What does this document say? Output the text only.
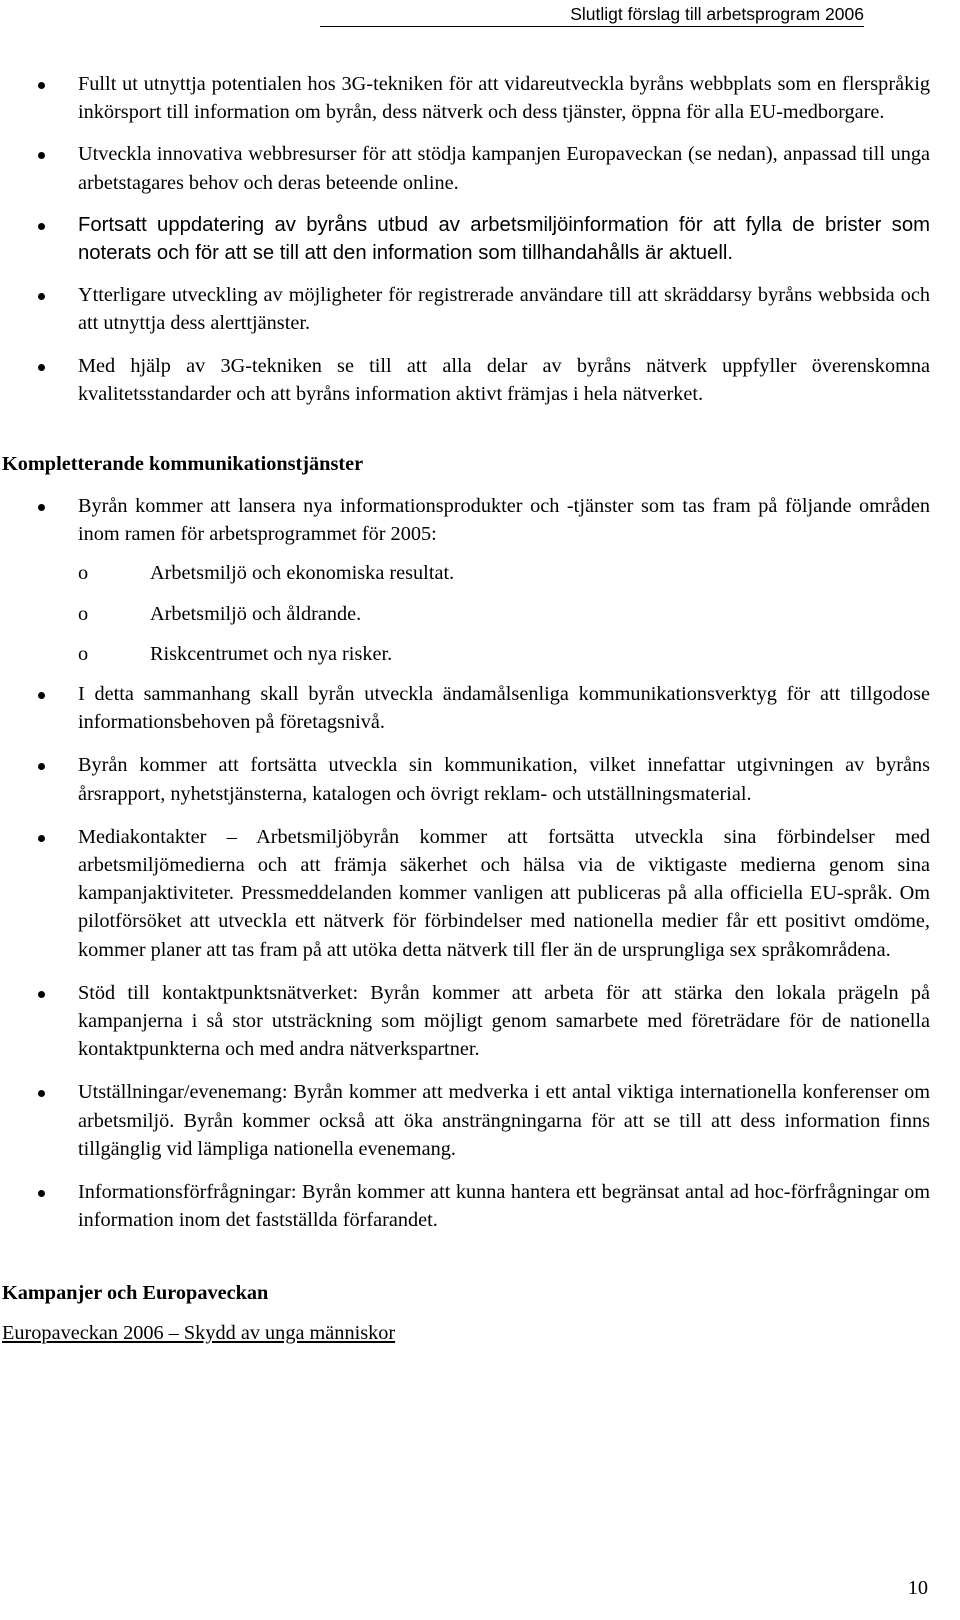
Slutligt förslag till arbetsprogram 2006
Fullt ut utnyttja potentialen hos 3G-tekniken för att vidareutveckla byråns webbplats som en flerspråkig inkörsport till information om byrån, dess nätverk och dess tjänster, öppna för alla EU-medborgare.
Utveckla innovativa webbresurser för att stödja kampanjen Europaveckan (se nedan), anpassad till unga arbetstagares behov och deras beteende online.
Fortsatt uppdatering av byråns utbud av arbetsmiljöinformation för att fylla de brister som noterats och för att se till att den information som tillhandahålls är aktuell.
Ytterligare utveckling av möjligheter för registrerade användare till att skräddarsy byråns webbsida och att utnyttja dess alerttjänster.
Med hjälp av 3G-tekniken se till att alla delar av byråns nätverk uppfyller överenskomna kvalitetsstandarder och att byråns information aktivt främjas i hela nätverket.
Kompletterande kommunikationstjänster
Byrån kommer att lansera nya informationsprodukter och -tjänster som tas fram på följande områden inom ramen för arbetsprogrammet för 2005:
o	Arbetsmiljö och ekonomiska resultat.
o	Arbetsmiljö och åldrande.
o	Riskcentrumet och nya risker.
I detta sammanhang skall byrån utveckla ändamålsenliga kommunikationsverktyg för att tillgodose informationsbehoven på företagsnivå.
Byrån kommer att fortsätta utveckla sin kommunikation, vilket innefattar utgivningen av byråns årsrapport, nyhetstjänsterna, katalogen och övrigt reklam- och utställningsmaterial.
Mediakontakter – Arbetsmiljöbyrån kommer att fortsätta utveckla sina förbindelser med arbetsmiljömedierna och att främja säkerhet och hälsa via de viktigaste medierna genom sina kampanjaktiviteter. Pressmeddelanden kommer vanligen att publiceras på alla officiella EU-språk. Om pilotförsöket att utveckla ett nätverk för förbindelser med nationella medier får ett positivt omdöme, kommer planer att tas fram på att utöka detta nätverk till fler än de ursprungliga sex språkområdena.
Stöd till kontaktpunktsnätverket: Byrån kommer att arbeta för att stärka den lokala prägeln på kampanjerna i så stor utsträckning som möjligt genom samarbete med företrädare för de nationella kontaktpunkterna och med andra nätverkspartner.
Utställningar/evenemang: Byrån kommer att medverka i ett antal viktiga internationella konferenser om arbetsmiljö. Byrån kommer också att öka ansträngningarna för att se till att dess information finns tillgänglig vid lämpliga nationella evenemang.
Informationsförfrågningar: Byrån kommer att kunna hantera ett begränsat antal ad hoc-förfrågningar om information inom det fastställda förfarandet.
Kampanjer och Europaveckan
Europaveckan 2006 – Skydd av unga människor
10
